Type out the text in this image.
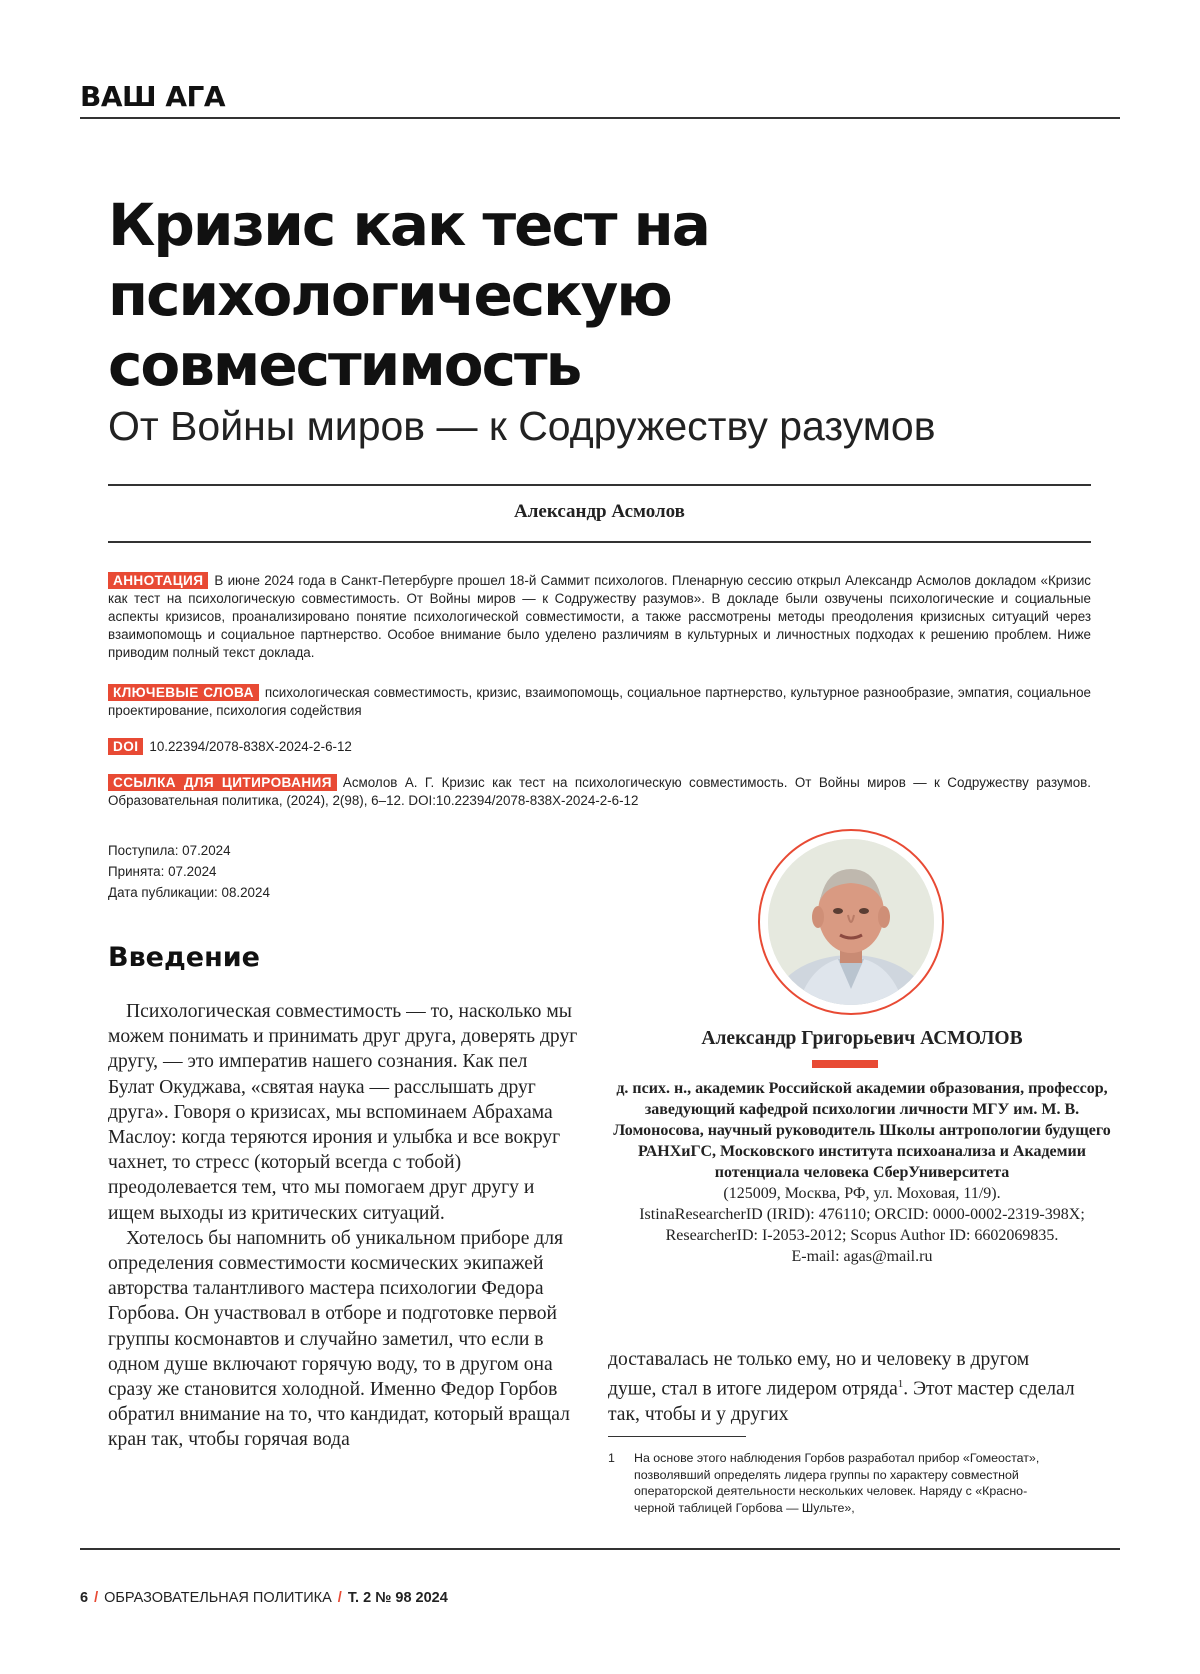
ВАШ АГА
Кризис как тест на психологическую совместимость
От Войны миров — к Содружеству разумов
Александр Асмолов
АННОТАЦИЯ В июне 2024 года в Санкт-Петербурге прошел 18-й Саммит психологов. Пленарную сессию открыл Александр Асмолов докладом «Кризис как тест на психологическую совместимость. От Войны миров — к Содружеству разумов». В докладе были озвучены психологические и социальные аспекты кризисов, проанализировано понятие психологической совместимости, а также рассмотрены методы преодоления кризисных ситуаций через взаимопомощь и социальное партнерство. Особое внимание было уделено различиям в культурных и личностных подходах к решению проблем. Ниже приводим полный текст доклада.
КЛЮЧЕВЫЕ СЛОВА психологическая совместимость, кризис, взаимопомощь, социальное партнерство, культурное разнообразие, эмпатия, социальное проектирование, психология содействия
DOI 10.22394/2078-838X-2024-2-6-12
ССЫЛКА ДЛЯ ЦИТИРОВАНИЯ Асмолов А. Г. Кризис как тест на психологическую совместимость. От Войны миров — к Содружеству разумов. Образовательная политика, (2024), 2(98), 6–12. DOI:10.22394/2078-838X-2024-2-6-12
Поступила: 07.2024
Принята: 07.2024
Дата публикации: 08.2024
Введение

Психологическая совместимость — то, насколько мы можем понимать и принимать друг друга, доверять друг другу, — это императив нашего сознания. Как пел Булат Окуджава, «святая наука — расслышать друг друга». Говоря о кризисах, мы вспоминаем Абрахама Маслоу: когда теряются ирония и улыбка и все вокруг чахнет, то стресс (который всегда с тобой) преодолевается тем, что мы помогаем друг другу и ищем выходы из критических ситуаций.

Хотелось бы напомнить об уникальном приборе для определения совместимости космических экипажей авторства талантливого мастера психологии Федора Горбова. Он участвовал в отборе и подготовке первой группы космонавтов и случайно заметил, что если в одном душе включают горячую воду, то в другом она сразу же становится холодной. Именно Федор Горбов обратил внимание на то, что кандидат, который вращал кран так, чтобы горячая вода

Александр Григорьевич АСМОЛОВ
д. псих. н., академик Российской академии образования, профессор, заведующий кафедрой психологии личности МГУ им. М. В. Ломоносова, научный руководитель Школы антропологии будущего РАНХиГС, Московского института психоанализа и Академии потенциала человека СберУниверситета
(125009, Москва, РФ, ул. Моховая, 11/9).
IstinaResearcherID (IRID): 476110; ORCID: 0000-0002-2319-398X; ResearcherID: I-2053-2012; Scopus Author ID: 6602069835.
E-mail: agas@mail.ru
доставалась не только ему, но и человеку в другом душе, стал в итоге лидером отряда1. Этот мастер сделал так, чтобы и у других
1 На основе этого наблюдения Горбов разработал прибор «Гомеостат», позволявший определять лидера группы по характеру совместной операторской деятельности нескольких человек. Наряду с «Красно-черной таблицей Горбова — Шульте»,
6 / ОБРАЗОВАТЕЛЬНАЯ ПОЛИТИКА / Т. 2 № 98 2024
